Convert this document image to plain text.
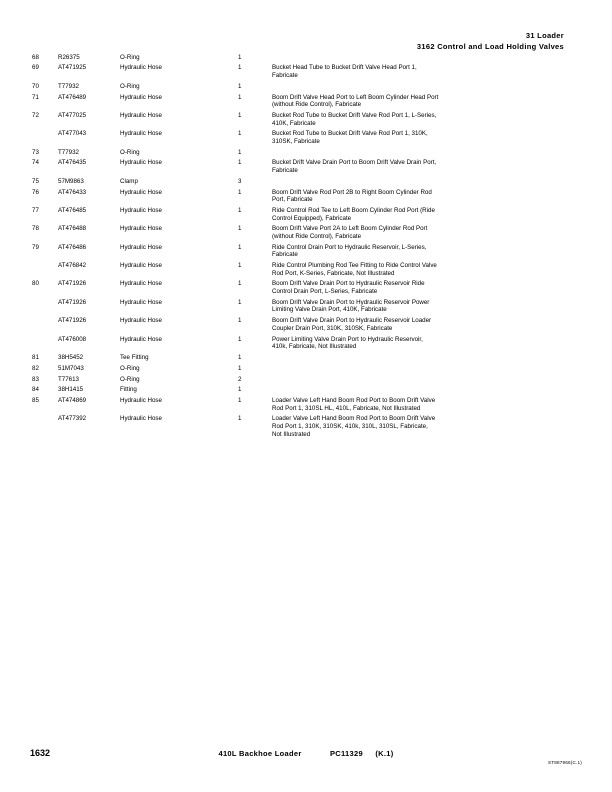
31 Loader
3162 Control and Load Holding Valves
68	R26375	O-Ring	1	
69	AT471925	Hydraulic Hose	1	Bucket Head Tube to Bucket Drift Valve Head Port 1,
Fabricate
70	T77932	O-Ring	1	
71	AT476489	Hydraulic Hose	1	Boom Drift Valve Head Port to Left Boom Cylinder Head Port
(without Ride Control), Fabricate
72	AT477025	Hydraulic Hose	1	Bucket Rod Tube to Bucket Drift Valve Rod Port 1, L-Series,
410K, Fabricate
	AT477043	Hydraulic Hose	1	Bucket Rod Tube to Bucket Drift Valve Rod Port 1, 310K,
310SK, Fabricate
73	T77932	O-Ring	1	
74	AT476435	Hydraulic Hose	1	Bucket Drift Valve Drain Port to Boom Drift Valve Drain Port,
Fabricate
75	57M9863	Clamp	3	
76	AT476433	Hydraulic Hose	1	Boom Drift Valve Rod Port 2B to Right Boom Cylinder Rod
Port, Fabricate
77	AT476485	Hydraulic Hose	1	Ride Control Rod Tee to Left Boom Cylinder Rod Port (Ride
Control Equipped), Fabricate
78	AT476488	Hydraulic Hose	1	Boom Drift Valve Port 2A to Left Boom Cylinder Rod Port
(without Ride Control), Fabricate
79	AT476486	Hydraulic Hose	1	Ride Control Drain Port to Hydraulic Reservoir, L-Series,
Fabricate
	AT476842	Hydraulic Hose	1	Ride Control Plumbing Rod Tee Fitting to Ride Control Valve
Rod Port, K-Series, Fabricate, Not Illustrated
80	AT471926	Hydraulic Hose	1	Boom Drift Valve Drain Port to Hydraulic Reservoir Ride
Control Drain Port, L-Series, Fabricate
	AT471926	Hydraulic Hose	1	Boom Drift Valve Drain Port to Hydraulic Reservoir Power
Limiting Valve Drain Port, 410K, Fabricate
	AT471926	Hydraulic Hose	1	Boom Drift Valve Drain Port to Hydraulic Reservoir Loader
Coupler Drain Port, 310K, 310SK, Fabricate
	AT476008	Hydraulic Hose	1	Power Limiting Valve Drain Port to Hydraulic Reservoir,
410k, Fabricate, Not Illustrated
81	38H5452	Tee Fitting	1	
82	51M7043	O-Ring	1	
83	T77613	O-Ring	2	
84	38H1415	Fitting	1	
85	AT474869	Hydraulic Hose	1	Loader Valve Left Hand Boom Rod Port to Boom Drift Valve
Rod Port 1, 310SL HL, 410L, Fabricate, Not Illustrated
	AT477392	Hydraulic Hose	1	Loader Valve Left Hand Boom Rod Port to Boom Drift Valve
Rod Port 1, 310K, 310SK, 410k, 310L, 310SL, Fabricate,
Not Illustrated
1632	410L Backhoe Loader	PC11329 (K.1)
ST887966(C.1)
